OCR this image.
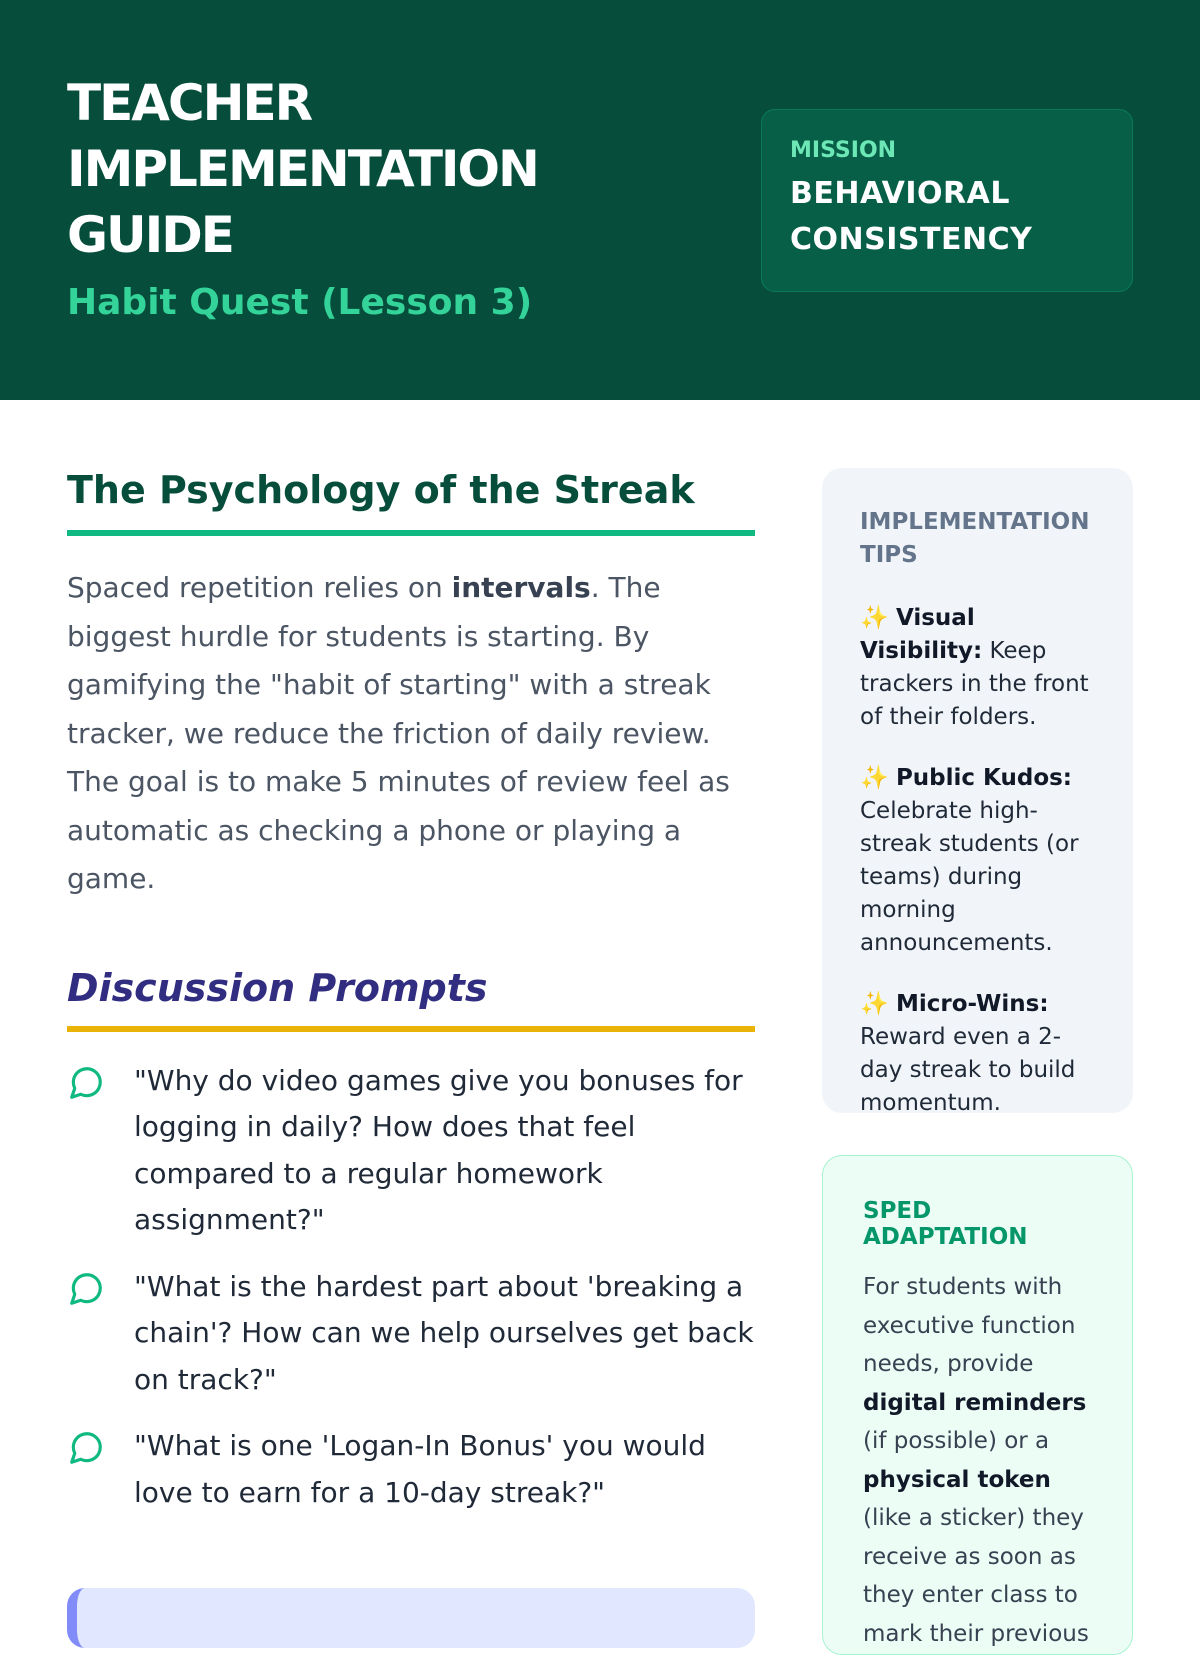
TEACHER IMPLEMENTATION GUIDE
Habit Quest (Lesson 3)
MISSION
BEHAVIORAL CONSISTENCY
The Psychology of the Streak

Spaced repetition relies on intervals. The biggest hurdle for students is starting. By gamifying the "habit of starting" with a streak tracker, we reduce the friction of daily review. The goal is to make 5 minutes of review feel as automatic as checking a phone or playing a game.

Discussion Prompts
"Why do video games give you bonuses for logging in daily? How does that feel compared to a regular homework assignment?"
"What is the hardest part about 'breaking a chain'? How can we help ourselves get back on track?"
"What is one 'Logan-In Bonus' you would love to earn for a 10-day streak?"
IMPLEMENTATION TIPS

✨ Visual Visibility: Keep trackers in the front of their folders.

✨ Public Kudos: Celebrate high-streak students (or teams) during morning announcements.

✨ Micro-Wins: Reward even a 2-day streak to build momentum.

SPED ADAPTATION

For students with executive function needs, provide digital reminders (if possible) or a physical token (like a sticker) they receive as soon as they enter class to mark their previous
